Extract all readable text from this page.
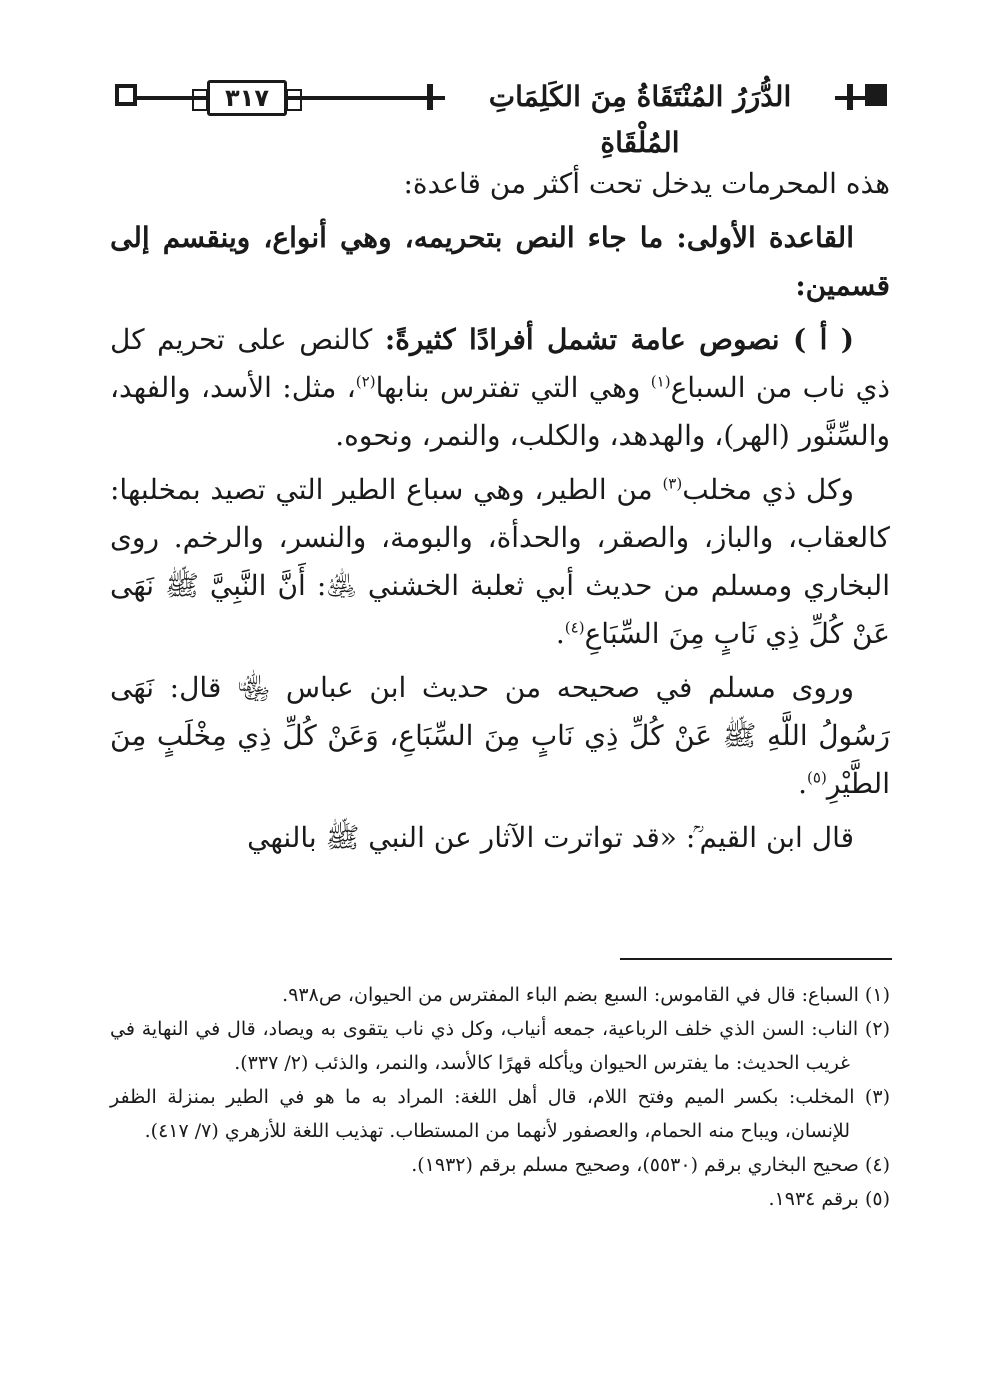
٣١٧	الدُّرَرُ المُنْتَقَاةُ مِنَ الكَلِمَاتِ المُلْقَاةِ

هذه المحرمات يدخل تحت أكثر من قاعدة:

القاعدة الأولى: ما جاء النص بتحريمه، وهي أنواع، وينقسم إلى قسمين:

( أ ) نصوص عامة تشمل أفرادًا كثيرةً: كالنص على تحريم كل ذي ناب من السباع$^{(١)}$ وهي التي تفترس بنابها$^{(٢)}$، مثل: الأسد، والفهد، والسِّنَّور (الهر)، والهدهد، والكلب، والنمر، ونحوه.

وكل ذي مخلب$^{(٣)}$ من الطير، وهي سباع الطير التي تصيد بمخلبها: كالعقاب، والباز، والصقر، والحدأة، والبومة، والنسر، والرخم. روى البخاري ومسلم من حديث أبي ثعلبة الخشني ﵁: أَنَّ النَّبِيَّ ﷺ نَهَى عَنْ كُلِّ ذِي نَابٍ مِنَ السِّبَاعِ$^{(٤)}$.

وروى مسلم في صحيحه من حديث ابن عباس ﵄ قال: نَهَى رَسُولُ اللَّهِ ﷺ عَنْ كُلِّ ذِي نَابٍ مِنَ السِّبَاعِ، وَعَنْ كُلِّ ذِي مِخْلَبٍ مِنَ الطَّيْرِ$^{(٥)}$.

قال ابن القيم ؒ: «قد تواترت الآثار عن النبي ﷺ بالنهي

(١) السباع: قال في القاموس: السبع بضم الباء المفترس من الحيوان، ص٩٣٨.
(٢) الناب: السن الذي خلف الرباعية، جمعه أنياب، وكل ذي ناب يتقوى به ويصاد، قال في النهاية في غريب الحديث: ما يفترس الحيوان ويأكله قهرًا كالأسد، والنمر، والذئب (٢/ ٣٣٧).
(٣) المخلب: بكسر الميم وفتح اللام، قال أهل اللغة: المراد به ما هو في الطير بمنزلة الظفر للإنسان، ويباح منه الحمام، والعصفور لأنهما من المستطاب. تهذيب اللغة للأزهري (٧/ ٤١٧).
(٤) صحيح البخاري برقم (٥٥٣٠)، وصحيح مسلم برقم (١٩٣٢).
(٥) برقم ١٩٣٤.
